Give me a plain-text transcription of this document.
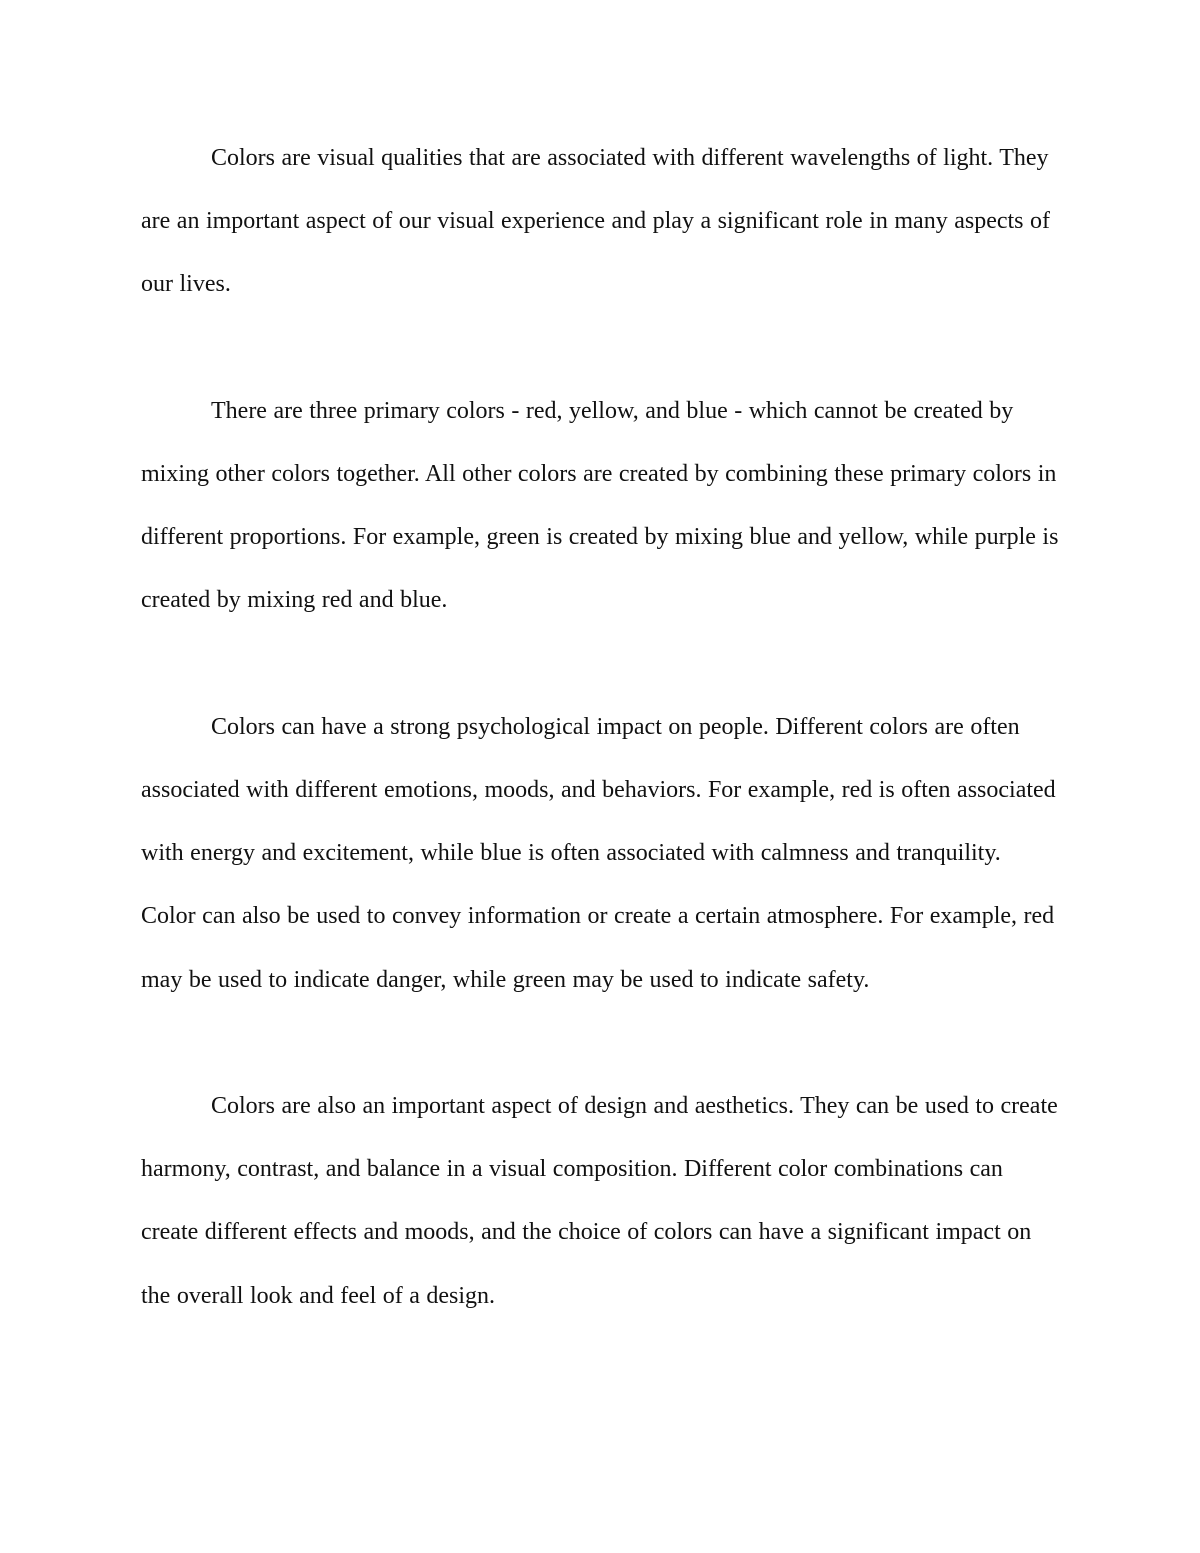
Colors are visual qualities that are associated with different wavelengths of light. They are an important aspect of our visual experience and play a significant role in many aspects of our lives.

There are three primary colors - red, yellow, and blue - which cannot be created by mixing other colors together. All other colors are created by combining these primary colors in different proportions. For example, green is created by mixing blue and yellow, while purple is created by mixing red and blue.

Colors can have a strong psychological impact on people. Different colors are often associated with different emotions, moods, and behaviors. For example, red is often associated with energy and excitement, while blue is often associated with calmness and tranquility. Color can also be used to convey information or create a certain atmosphere. For example, red may be used to indicate danger, while green may be used to indicate safety.

Colors are also an important aspect of design and aesthetics. They can be used to create harmony, contrast, and balance in a visual composition. Different color combinations can create different effects and moods, and the choice of colors can have a significant impact on the overall look and feel of a design.
